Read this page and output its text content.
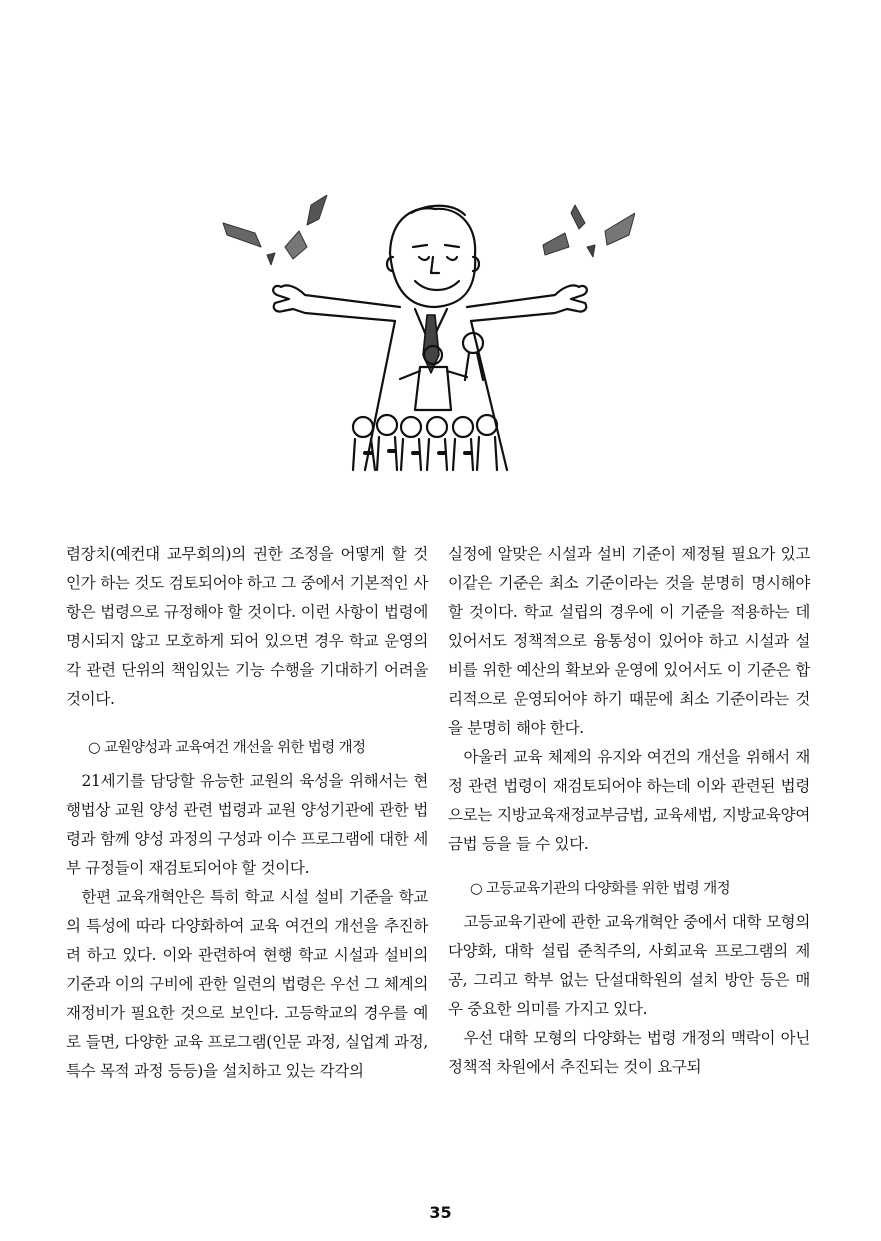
렴장치(예컨대 교무회의)의 권한 조정을 어떻게 할 것인가 하는 것도 검토되어야 하고 그 중에서 기본적인 사항은 법령으로 규정해야 할 것이다. 이런 사항이 법령에 명시되지 않고 모호하게 되어 있으면 경우 학교 운영의 각 관련 단위의 책임있는 기능 수행을 기대하기 어려울 것이다.

○ 교원양성과 교육여건 개선을 위한 법령 개정

21세기를 담당할 유능한 교원의 육성을 위해서는 현행법상 교원 양성 관련 법령과 교원 양성기관에 관한 법령과 함께 양성 과정의 구성과 이수 프로그램에 대한 세부 규정들이 재검토되어야 할 것이다.

한편 교육개혁안은 특히 학교 시설 설비 기준을 학교의 특성에 따라 다양화하여 교육 여건의 개선을 추진하려 하고 있다. 이와 관련하여 현행 학교 시설과 설비의 기준과 이의 구비에 관한 일련의 법령은 우선 그 체계의 재정비가 필요한 것으로 보인다. 고등학교의 경우를 예로 들면, 다양한 교육 프로그램(인문 과정, 실업계 과정, 특수 목적 과정 등등)을 설치하고 있는 각각의

실정에 알맞은 시설과 설비 기준이 제정될 필요가 있고 이같은 기준은 최소 기준이라는 것을 분명히 명시해야 할 것이다. 학교 설립의 경우에 이 기준을 적용하는 데 있어서도 정책적으로 융통성이 있어야 하고 시설과 설비를 위한 예산의 확보와 운영에 있어서도 이 기준은 합리적으로 운영되어야 하기 때문에 최소 기준이라는 것을 분명히 해야 한다.

아울러 교육 체제의 유지와 여건의 개선을 위해서 재정 관련 법령이 재검토되어야 하는데 이와 관련된 법령으로는 지방교육재정교부금법, 교육세법, 지방교육양여금법 등을 들 수 있다.

○ 고등교육기관의 다양화를 위한 법령 개정

고등교육기관에 관한 교육개혁안 중에서 대학 모형의 다양화, 대학 설립 준칙주의, 사회교육 프로그램의 제공, 그리고 학부 없는 단설대학원의 설치 방안 등은 매우 중요한 의미를 가지고 있다.

우선 대학 모형의 다양화는 법령 개정의 맥락이 아닌 정책적 차원에서 추진되는 것이 요구되

35
